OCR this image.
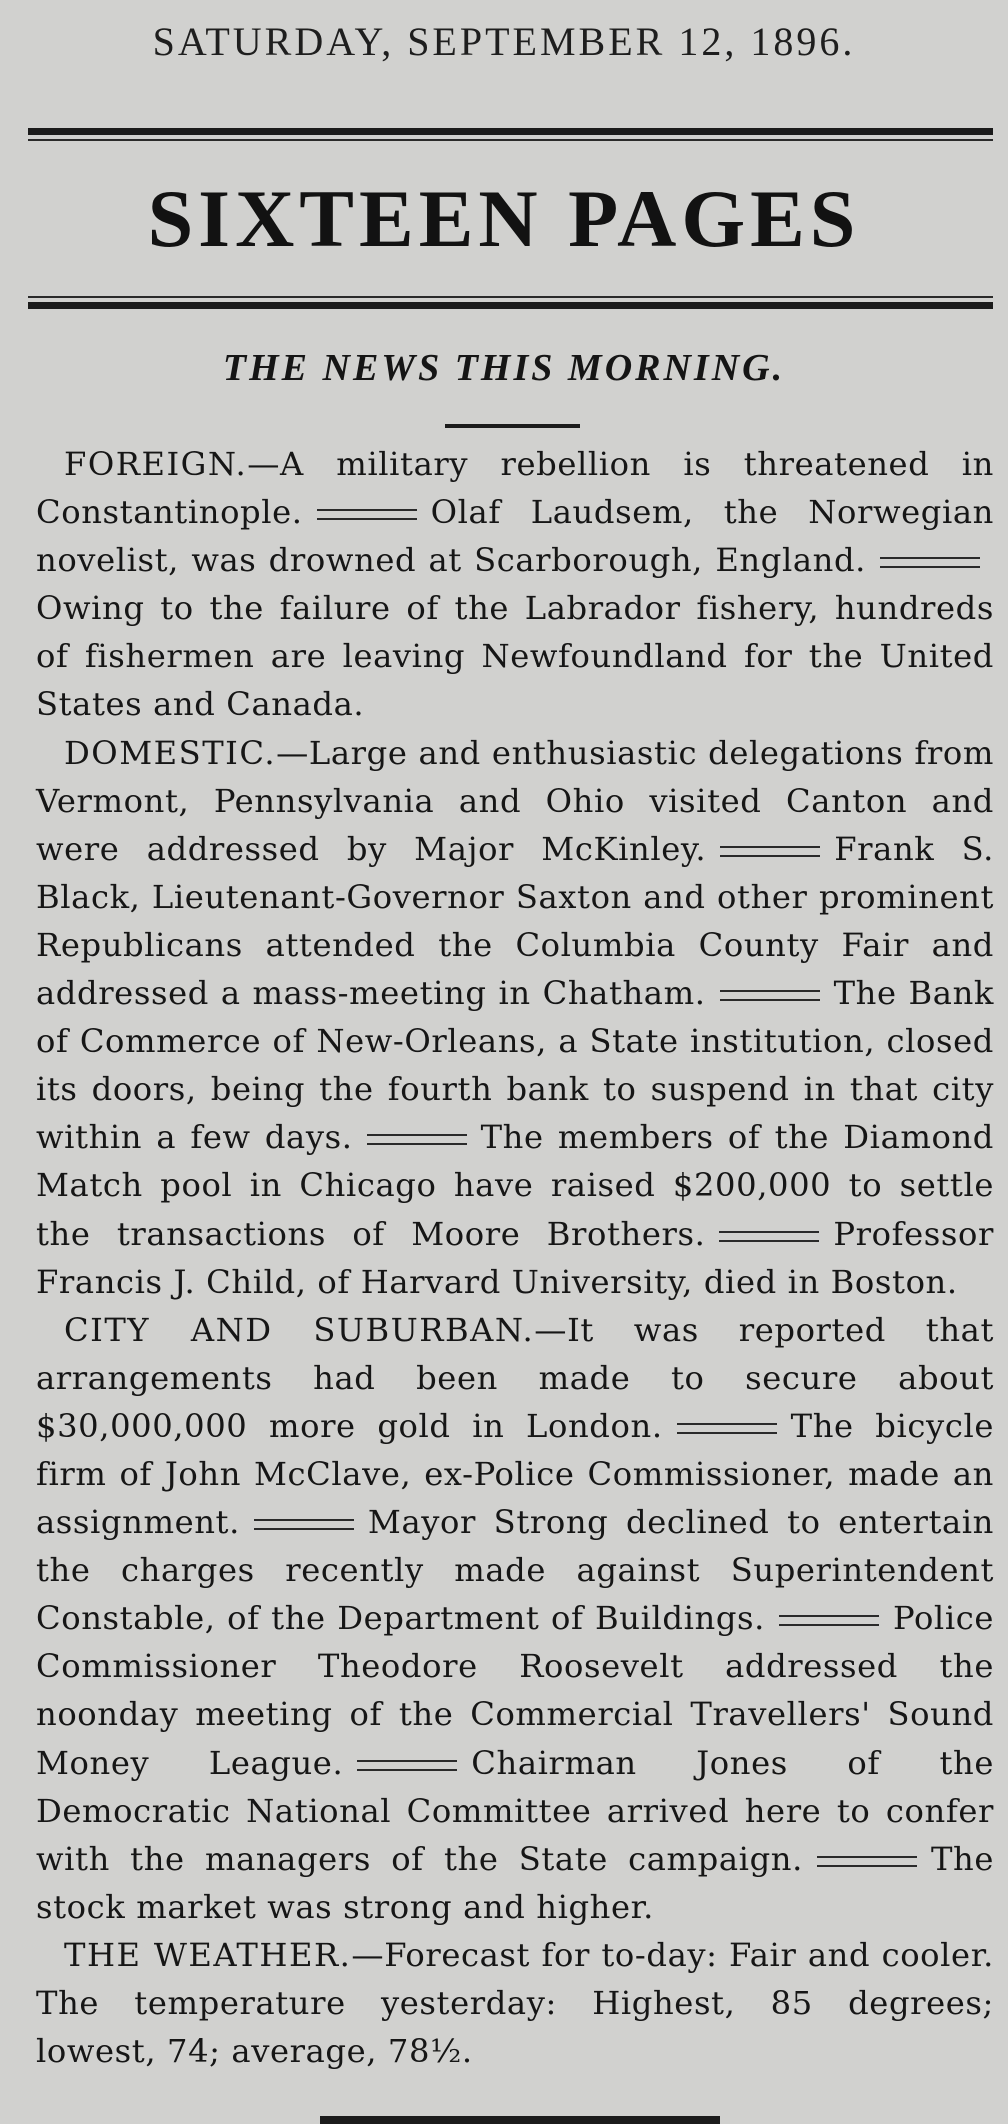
SATURDAY, SEPTEMBER 12, 1896.
SIXTEEN PAGES
THE NEWS THIS MORNING.

FOREIGN.—A military rebellion is threatened in Constantinople.	Olaf Laudsem, the Norwegian novelist, was drowned at Scarborough, England.Owing to the failure of the Labrador fishery, hundreds of fishermen are leaving Newfoundland for the United States and Canada.

DOMESTIC.—Large and enthusiastic delegations from Vermont, Pennsylvania and Ohio visited Canton and were addressed by Major McKinley.	Frank S. Black, Lieutenant-Governor Saxton and other prominent Republicans attended the Columbia County Fair and addressed a mass-meeting in Chatham.	The Bank of Commerce of New-Orleans, a State institution, closed its doors, being the fourth bank to suspend in that city within a few days.	The members of the Diamond Match pool in Chicago have raised $200,000 to settle the transactions of Moore Brothers.	Professor Francis J. Child, of Harvard University, died in Boston.

CITY AND SUBURBAN.—It was reported that arrangements had been made to secure about $30,000,000 more gold in London.	The bicycle firm of John McClave, ex-Police Commissioner, made an assignment.	Mayor Strong declined to entertain the charges recently made against Superintendent Constable, of the Department of Buildings.	Police Commissioner Theodore Roosevelt addressed the noonday meeting of the Commercial Travellers' Sound Money League.	Chairman Jones of the Democratic National Committee arrived here to confer with the managers of the State campaign.	The stock market was strong and higher.

THE WEATHER.—Forecast for to-day: Fair and cooler. The temperature yesterday: Highest, 85 degrees; lowest, 74; average, 78½.
